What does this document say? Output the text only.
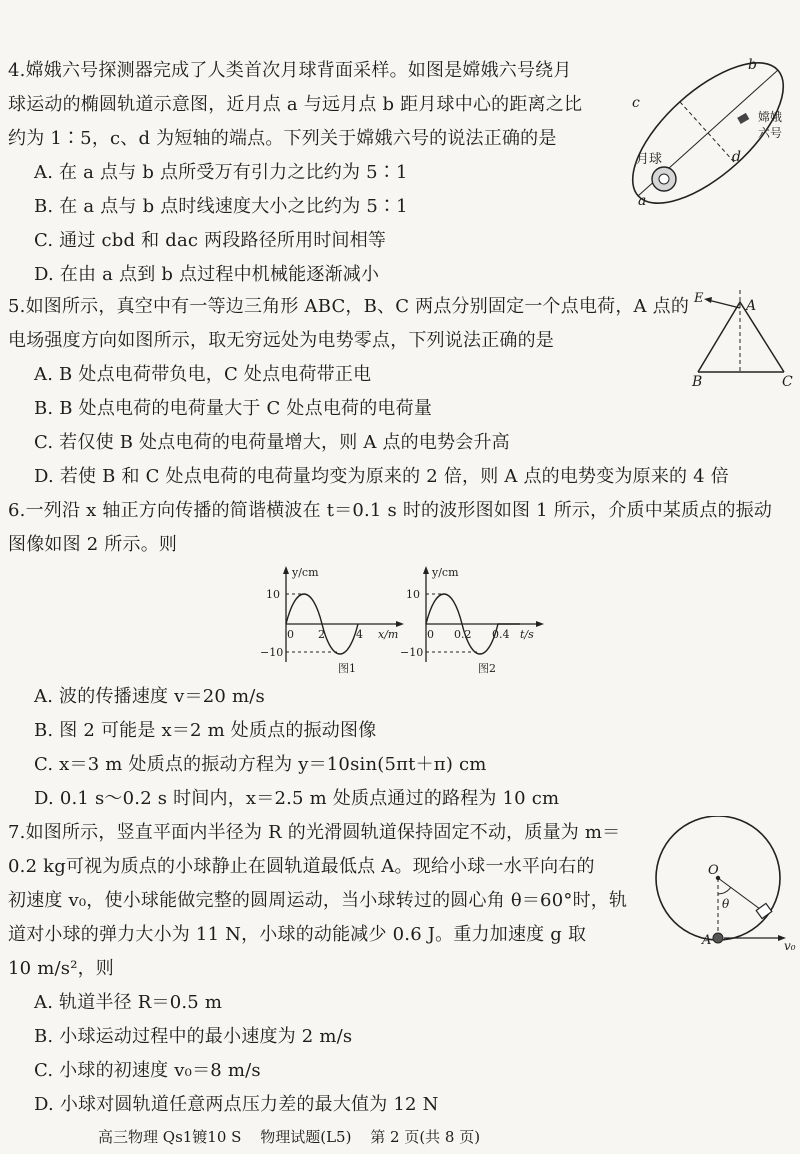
4.嫦娥六号探测器完成了人类首次月球背面采样。如图是嫦娥六号绕月
球运动的椭圆轨道示意图，近月点 a 与远月点 b 距月球中心的距离之比
约为 1∶5，c、d 为短轴的端点。下列关于嫦娥六号的说法正确的是
A. 在 a 点与 b 点所受万有引力之比约为 5∶1
B. 在 a 点与 b 点时线速度大小之比约为 5∶1
C. 通过 cbd 和 dac 两段路径所用时间相等
D. 在由 a 点到 b 点过程中机械能逐渐减小
b
c
d
a
月球
嫦娥
六号
5.如图所示，真空中有一等边三角形 ABC，B、C 两点分别固定一个点电荷，A 点的
电场强度方向如图所示，取无穷远处为电势零点，下列说法正确的是
A. B 处点电荷带负电，C 处点电荷带正电
B. B 处点电荷的电荷量大于 C 处点电荷的电荷量
C. 若仅使 B 处点电荷的电荷量增大，则 A 点的电势会升高
D. 若使 B 和 C 处点电荷的电荷量均变为原来的 2 倍，则 A 点的电势变为原来的 4 倍
E	A
B	C
6.一列沿 x 轴正方向传播的简谐横波在 t＝0.1 s 时的波形图如图 1 所示，介质中某质点的振动
图像如图 2 所示。则
y/cm
x/m
10
−10
0 2	4
图1
y/cm
t/s
10
−10
0 0.2 0.4
图2
A. 波的传播速度 v＝20 m/s
B. 图 2 可能是 x＝2 m 处质点的振动图像
C. x＝3 m 处质点的振动方程为 y＝10sin(5πt＋π) cm
D. 0.1 s～0.2 s 时间内，x＝2.5 m 处质点通过的路程为 10 cm
7.如图所示，竖直平面内半径为 R 的光滑圆轨道保持固定不动，质量为 m＝
0.2 kg可视为质点的小球静止在圆轨道最低点 A。现给小球一水平向右的
初速度 v₀，使小球能做完整的圆周运动，当小球转过的圆心角 θ＝60°时，轨
道对小球的弹力大小为 11 N，小球的动能减少 0.6 J。重力加速度 g 取
10 m/s²，则
A. 轨道半径 R＝0.5 m
B. 小球运动过程中的最小速度为 2 m/s
C. 小球的初速度 v₀＝8 m/s
D. 小球对圆轨道任意两点压力差的最大值为 12 N
O
θ
A	v₀
高三物理 Qs1镀10 S 物理试题(L5) 第 2 页(共 8 页)
